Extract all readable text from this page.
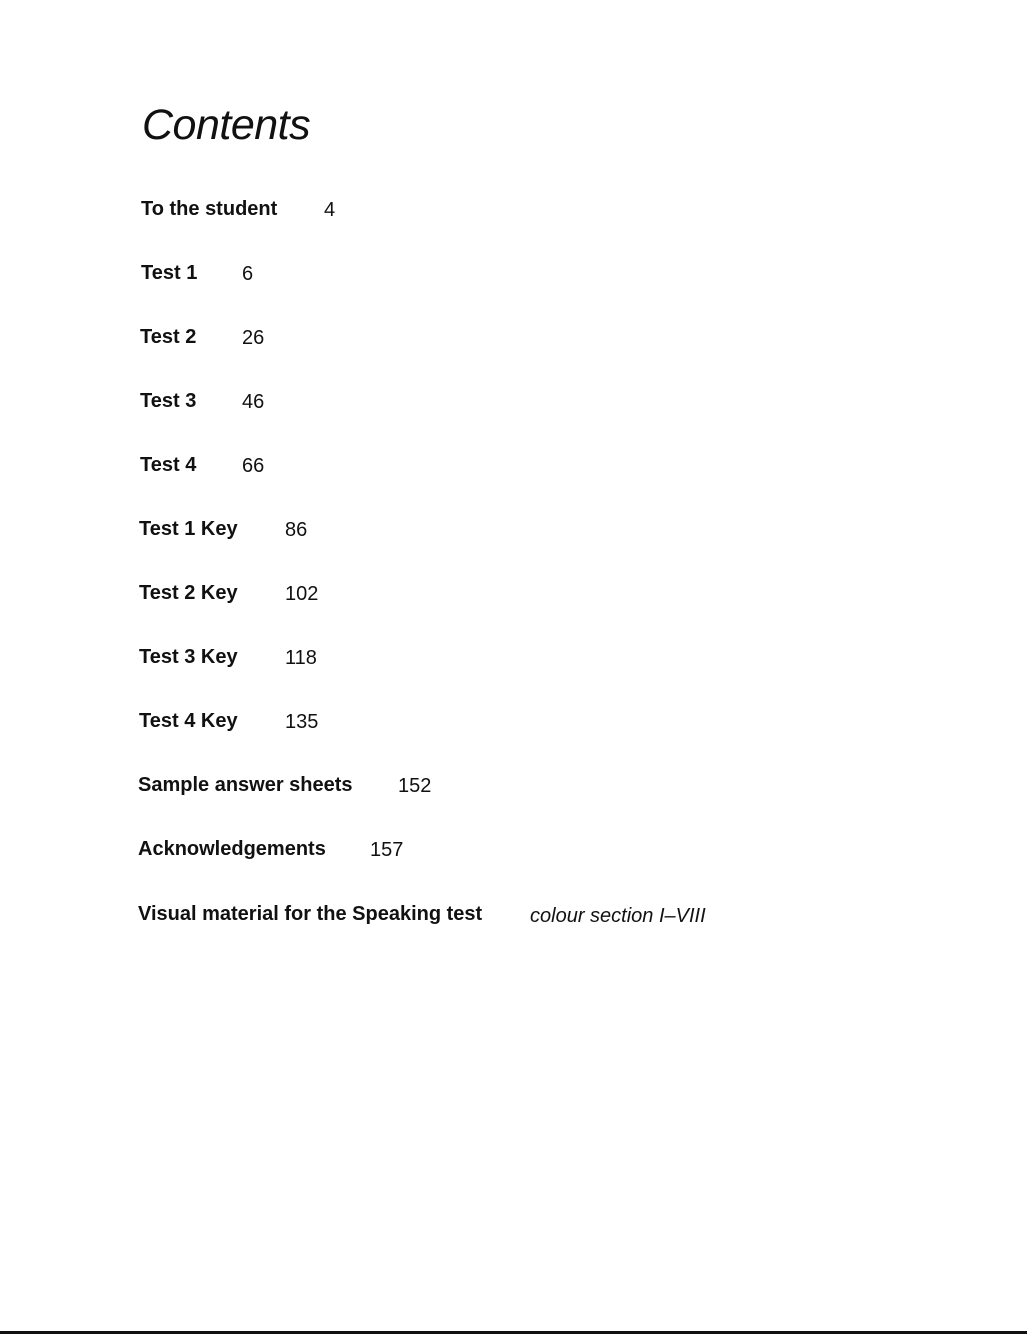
Contents
To the student 4
Test 1 6
Test 2 26
Test 3 46
Test 4 66
Test 1 Key 86
Test 2 Key 102
Test 3 Key 118
Test 4 Key 135
Sample answer sheets 152
Acknowledgements 157
Visual material for the Speaking test colour section I–VIII
